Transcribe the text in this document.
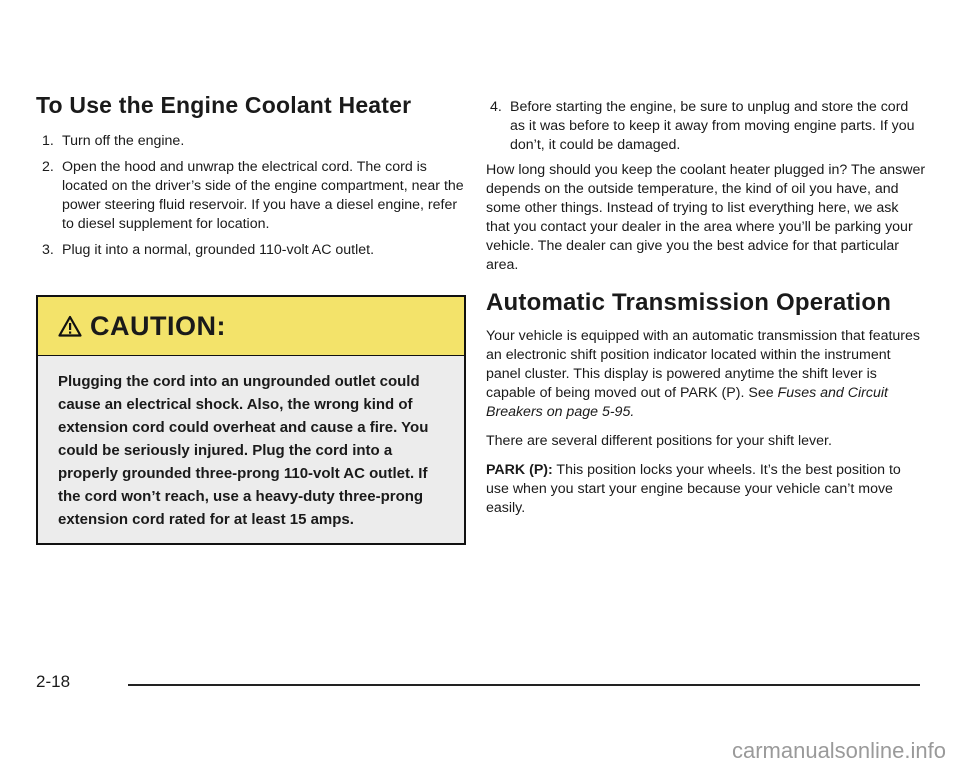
To Use the Engine Coolant Heater
1. Turn off the engine.
2. Open the hood and unwrap the electrical cord. The cord is located on the driver’s side of the engine compartment, near the power steering fluid reservoir. If you have a diesel engine, refer to diesel supplement for location.
3. Plug it into a normal, grounded 110-volt AC outlet.
CAUTION:
Plugging the cord into an ungrounded outlet could cause an electrical shock. Also, the wrong kind of extension cord could overheat and cause a fire. You could be seriously injured. Plug the cord into a properly grounded three-prong 110-volt AC outlet. If the cord won’t reach, use a heavy-duty three-prong extension cord rated for at least 15 amps.
4. Before starting the engine, be sure to unplug and store the cord as it was before to keep it away from moving engine parts. If you don’t, it could be damaged.

How long should you keep the coolant heater plugged in? The answer depends on the outside temperature, the kind of oil you have, and some other things. Instead of trying to list everything here, we ask that you contact your dealer in the area where you’ll be parking your vehicle. The dealer can give you the best advice for that particular area.

Automatic Transmission Operation

Your vehicle is equipped with an automatic transmission that features an electronic shift position indicator located within the instrument panel cluster. This display is powered anytime the shift lever is capable of being moved out of PARK (P). See Fuses and Circuit Breakers on page 5-95.

There are several different positions for your shift lever.

PARK (P): This position locks your wheels. It’s the best position to use when you start your engine because your vehicle can’t move easily.

2-18
carmanualsonline.info
